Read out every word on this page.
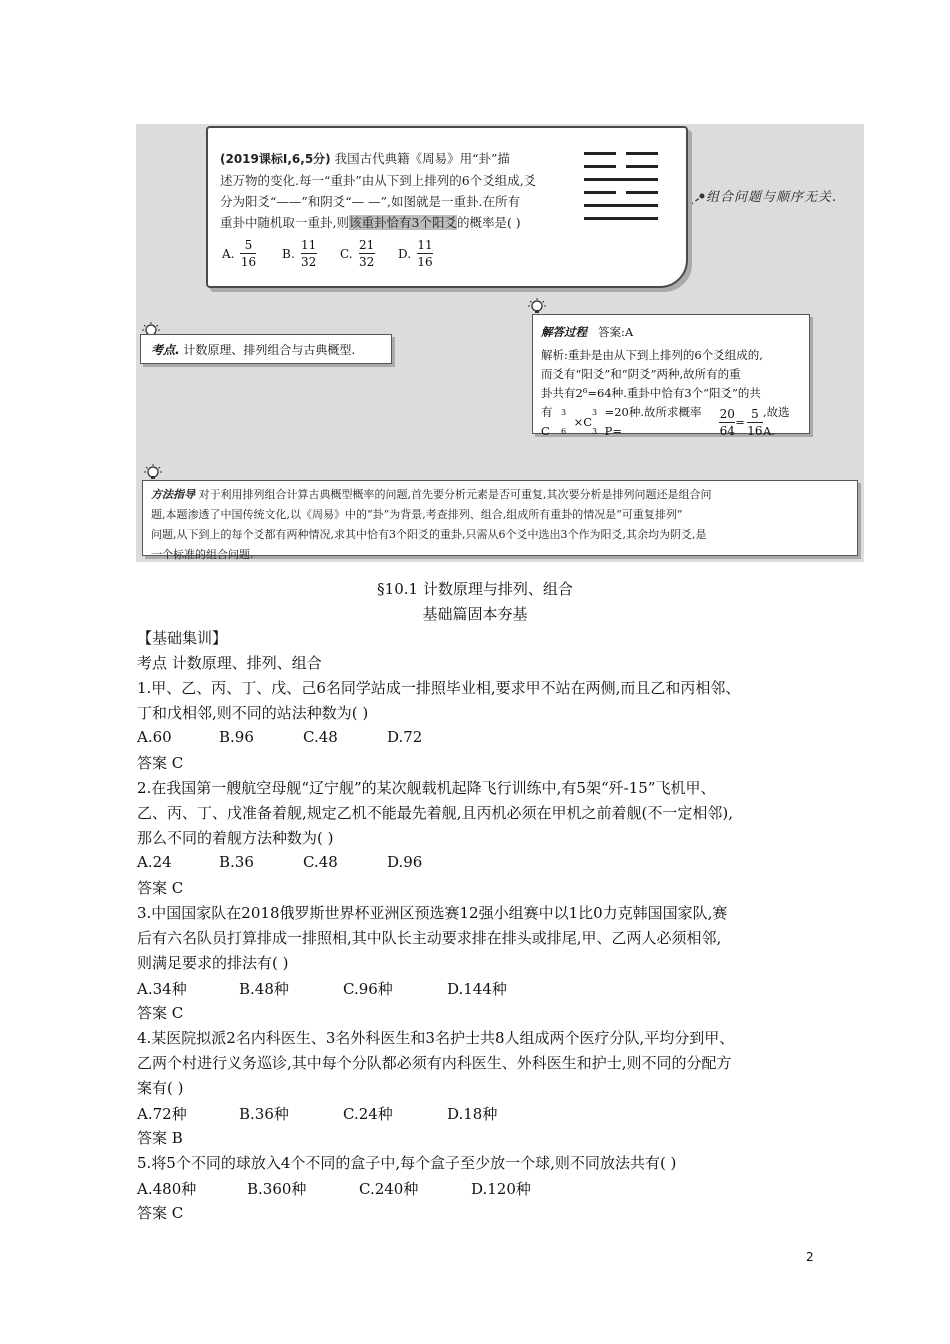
(2019课标Ⅰ,6,5分) 我国古代典籍《周易》用“卦”描
述万物的变化.每一“重卦”由从下到上排列的6个爻组成,爻
分为阳爻“——”和阴爻“— —”,如图就是一重卦.在所有
重卦中随机取一重卦,则该重卦恰有3个阳爻的概率是( )
A. $\frac{5}{16} B$. $\frac{11}{32} C$. $\frac{21}{32} D$. $\frac{11}{16}$
组合问题与顺序无关.
考点. 计数原理、排列组合与古典概型.
解答过程 答案:A
解析:重卦是由从下到上排列的6个爻组成的,
而爻有“阳爻”和“阴爻”两种,故所有的重
卦共有2⁶=64种.重卦中恰有3个“阳爻”的共
有C
3 6
×C
3 3
=20种.故所求概率P=	$\frac{20}{64} = \frac{5}{16}$ ,故选A.
方法指导 对于利用排列组合计算古典概型概率的问题,首先要分析元素是否可重复,其次要分析是排列问题还是组合问
题,本题渗透了中国传统文化,以《周易》中的“卦”为背景,考查排列、组合,组成所有重卦的情况是“可重复排列”
问题,从下到上的每个爻都有两种情况,求其中恰有3个阳爻的重卦,只需从6个爻中选出3个作为阳爻,其余均为阴爻,是
一个标准的组合问题.
§10.1 计数原理与排列、组合
基础篇固本夯基
【基础集训】
考点 计数原理、排列、组合
1.甲、乙、丙、丁、戊、己6名同学站成一排照毕业相,要求甲不站在两侧,而且乙和丙相邻、
丁和戊相邻,则不同的站法种数为( )
A.60	B.96	C.48	D.72
答案 C
2.在我国第一艘航空母舰“辽宁舰”的某次舰载机起降飞行训练中,有5架“歼-15”飞机甲、
乙、丙、丁、戊准备着舰,规定乙机不能最先着舰,且丙机必须在甲机之前着舰(不一定相邻),
那么不同的着舰方法种数为( )
A.24	B.36	C.48	D.96
答案 C
3.中国国家队在2018俄罗斯世界杯亚洲区预选赛12强小组赛中以1比0力克韩国国家队,赛
后有六名队员打算排成一排照相,其中队长主动要求排在排头或排尾,甲、乙两人必须相邻,
则满足要求的排法有( )
A.34种	B.48种	C.96种	D.144种
答案 C
4.某医院拟派2名内科医生、3名外科医生和3名护士共8人组成两个医疗分队,平均分到甲、
乙两个村进行义务巡诊,其中每个分队都必须有内科医生、外科医生和护士,则不同的分配方
案有( )
A.72种	B.36种	C.24种	D.18种
答案 B
5.将5个不同的球放入4个不同的盒子中,每个盒子至少放一个球,则不同放法共有( )
A.480种	B.360种	C.240种	D.120种
答案 C
2
